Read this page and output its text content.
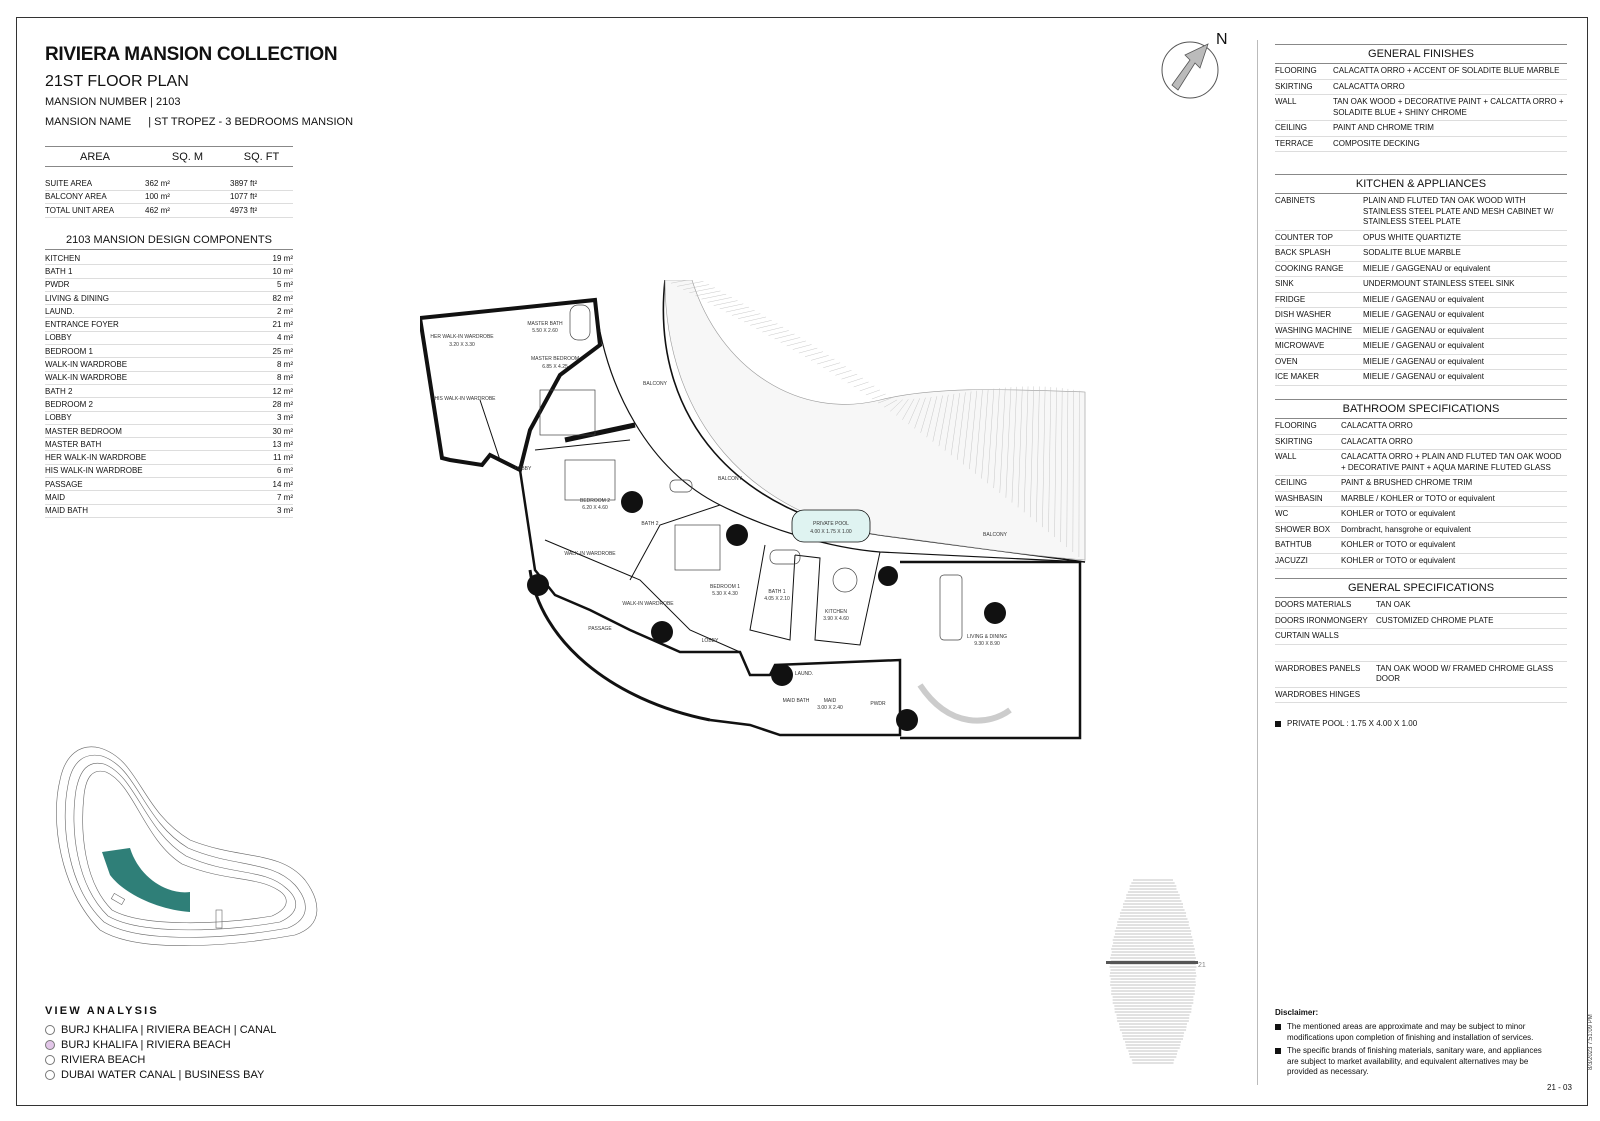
RIVIERA MANSION COLLECTION
21ST FLOOR PLAN
MANSION NUMBER | 2103
MANSION NAME | ST TROPEZ - 3 BEDROOMS MANSION
AREA	SQ. M	SQ. FT
SUITE AREA	362 m²	3897 ft²
BALCONY AREA	100 m²	1077 ft²
TOTAL UNIT AREA	462 m²	4973 ft²
2103 MANSION DESIGN COMPONENTS
KITCHEN	19 m²
BATH 1	10 m²
PWDR	5 m²
LIVING & DINING	82 m²
LAUND.	2 m²
ENTRANCE FOYER	21 m²
LOBBY	4 m²
BEDROOM 1	25 m²
WALK-IN WARDROBE	8 m²
WALK-IN WARDROBE	8 m²
BATH 2	12 m²
BEDROOM 2	28 m²
LOBBY	3 m²
MASTER BEDROOM	30 m²
MASTER BATH	13 m²
HER WALK-IN WARDROBE	11 m²
HIS WALK-IN WARDROBE	6 m²
PASSAGE	14 m²
MAID	7 m²
MAID BATH	3 m²
BALCONY
BALCONY
BALCONY
PRIVATE POOL
4.00 X 1.75 X 1.00
MASTER BEDROOM
6.85 X 4.25
MASTER BATH
5.50 X 2.60
HER WALK-IN WARDROBE
3.20 X 3.30
HIS WALK-IN WARDROBE
BEDROOM 2
6.20 X 4.60
BATH 2
BEDROOM 1
5.30 X 4.30	BATH 1
4.05 X 2.10
KITCHEN
3.90 X 4.60
LIVING & DINING
9.30 X 8.90
LOBBY
LOBBY
WALK-IN WARDROBE
WALK-IN WARDROBE
PASSAGE
MAID
3.00 X 2.40
MAID BATH
LAUND.
PWDR
N
21
VIEW ANALYSIS
BURJ KHALIFA | RIVIERA BEACH | CANAL
BURJ KHALIFA | RIVIERA BEACH
RIVIERA BEACH
DUBAI WATER CANAL | BUSINESS BAY
GENERAL FINISHES
FLOORING	CALACATTA ORRO + ACCENT OF SOLADITE BLUE MARBLE
SKIRTING	CALACATTA ORRO
WALL	TAN OAK WOOD + DECORATIVE PAINT + CALCATTA ORRO + SOLADITE BLUE + SHINY CHROME
CEILING	PAINT AND CHROME TRIM
TERRACE	COMPOSITE DECKING
KITCHEN & APPLIANCES
CABINETS	PLAIN AND FLUTED TAN OAK WOOD WITH STAINLESS STEEL PLATE AND MESH CABINET W/ STAINLESS STEEL PLATE
COUNTER TOP	OPUS WHITE QUARTIZTE
BACK SPLASH	SODALITE BLUE MARBLE
COOKING RANGE	MIELIE / GAGGENAU or equivalent
SINK	UNDERMOUNT STAINLESS STEEL SINK
FRIDGE	MIELIE / GAGENAU or equivalent
DISH WASHER	MIELIE / GAGENAU or equivalent
WASHING MACHINE	MIELIE / GAGENAU or equivalent
MICROWAVE	MIELIE / GAGENAU or equivalent
OVEN	MIELIE / GAGENAU or equivalent
ICE MAKER	MIELIE / GAGENAU or equivalent
BATHROOM SPECIFICATIONS
FLOORING	CALACATTA ORRO
SKIRTING	CALACATTA ORRO
WALL	CALACATTA ORRO + PLAIN AND FLUTED TAN OAK WOOD + DECORATIVE PAINT + AQUA MARINE FLUTED GLASS
CEILING	PAINT & BRUSHED CHROME TRIM
WASHBASIN	MARBLE / KOHLER or TOTO or equivalent
WC	KOHLER or TOTO or equivalent
SHOWER BOX	Dornbracht, hansgrohe or equivalent
BATHTUB	KOHLER or TOTO or equivalent
JACUZZI	KOHLER or TOTO or equivalent
GENERAL SPECIFICATIONS
DOORS MATERIALS	TAN OAK
DOORS IRONMONGERY	CUSTOMIZED CHROME PLATE
CURTAIN WALLS
WARDROBES PANELS	TAN OAK WOOD W/ FRAMED CHROME GLASS DOOR
WARDROBES HINGES
PRIVATE POOL : 1.75 X 4.00 X 1.00
Disclaimer:
The mentioned areas are approximate and may be subject to minor modifications upon completion of finishing and installation of services.
The specific brands of finishing materials, sanitary ware, and appliances are subject to market availability, and equivalent alternatives may be provided as necessary.
21 - 03
8/3/2023 7:51:09 PM
